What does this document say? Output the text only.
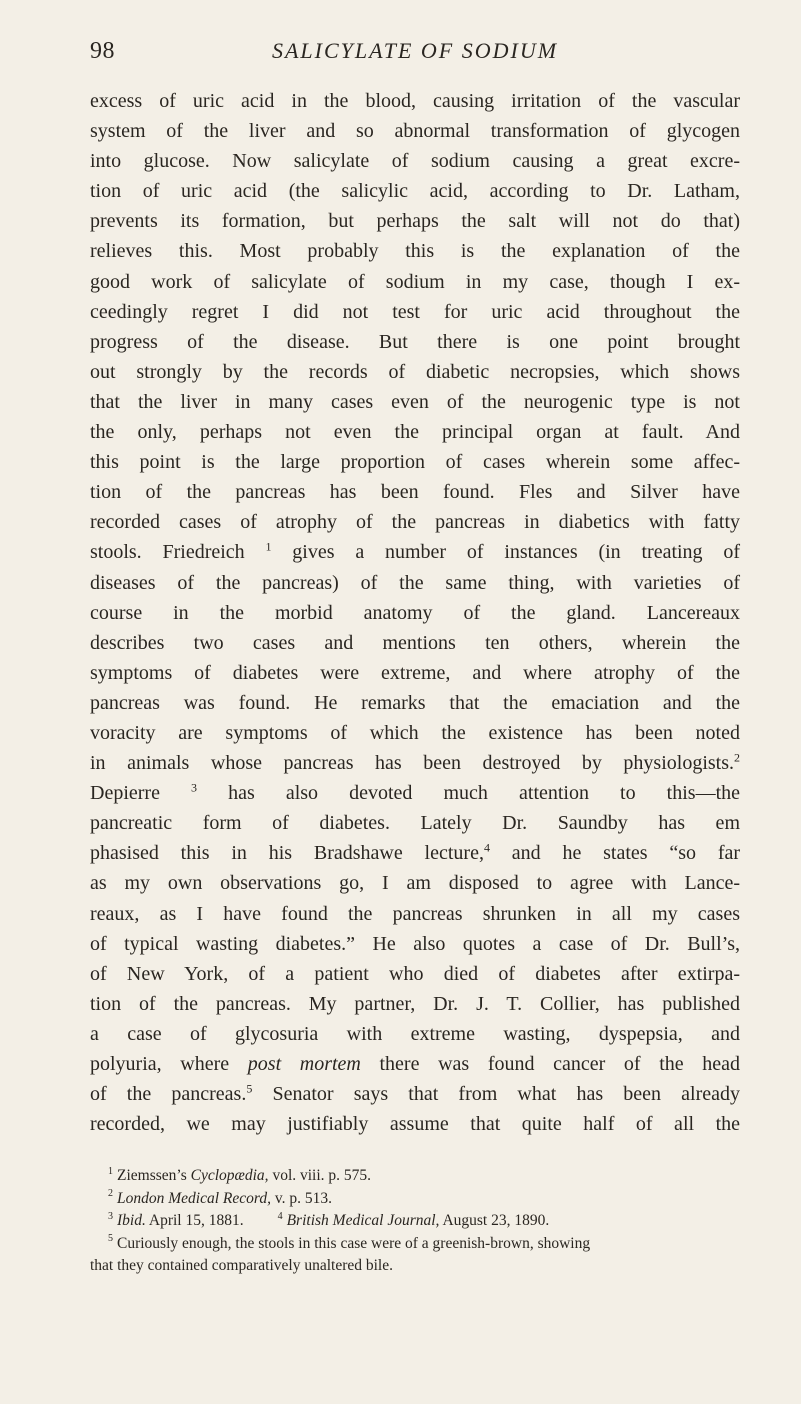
98	SALICYLATE OF SODIUM
excess of uric acid in the blood, causing irritation of the vascular
system of the liver and so abnormal transformation of glycogen
into glucose. Now salicylate of sodium causing a great excre-
tion of uric acid (the salicylic acid, according to Dr. Latham,
prevents its formation, but perhaps the salt will not do that)
relieves this. Most probably this is the explanation of the
good work of salicylate of sodium in my case, though I ex-
ceedingly regret I did not test for uric acid throughout the
progress of the disease. But there is one point brought
out strongly by the records of diabetic necropsies, which shows
that the liver in many cases even of the neurogenic type is not
the only, perhaps not even the principal organ at fault. And
this point is the large proportion of cases wherein some affec-
tion of the pancreas has been found. Fles and Silver have
recorded cases of atrophy of the pancreas in diabetics with fatty
stools. Friedreich $^1$ gives a number of instances (in treating of
diseases of the pancreas) of the same thing, with varieties of
course in the morbid anatomy of the gland. Lancereaux
describes two cases and mentions ten others, wherein the
symptoms of diabetes were extreme, and where atrophy of the
pancreas was found. He remarks that the emaciation and the
voracity are symptoms of which the existence has been noted
in animals whose pancreas has been destroyed by physiologists.$^2$
Depierre	$^3$ has also devoted much attention to this—the
pancreatic form of diabetes. Lately Dr. Saundby has em
phasised this in his Bradshawe lecture,$^4$ and he states “so far
as my own observations go, I am disposed to agree with Lance-
reaux, as I have found the pancreas shrunken in all my cases
of typical wasting diabetes.” He also quotes a case of Dr. Bull’s,
of New York, of a patient who died of diabetes after extirpa-
tion of the pancreas. My partner, Dr. J. T. Collier, has published
a case of glycosuria with extreme wasting, dyspepsia, and
polyuria, where post mortem there was found cancer of the head
of the pancreas.$^5$ Senator says that from what has been already
recorded, we may justifiably assume that quite half of all the
$^1$ Ziemssen’s Cyclopædia, vol. viii. p. 575.
$^2$ London Medical Record, v. p. 513.
$^3$ Ibid. April 15, 1881.	$^4$ British Medical Journal, August 23, 1890.
$^5$ Curiously enough, the stools in this case were of a greenish-brown, showing
that they contained comparatively unaltered bile.
